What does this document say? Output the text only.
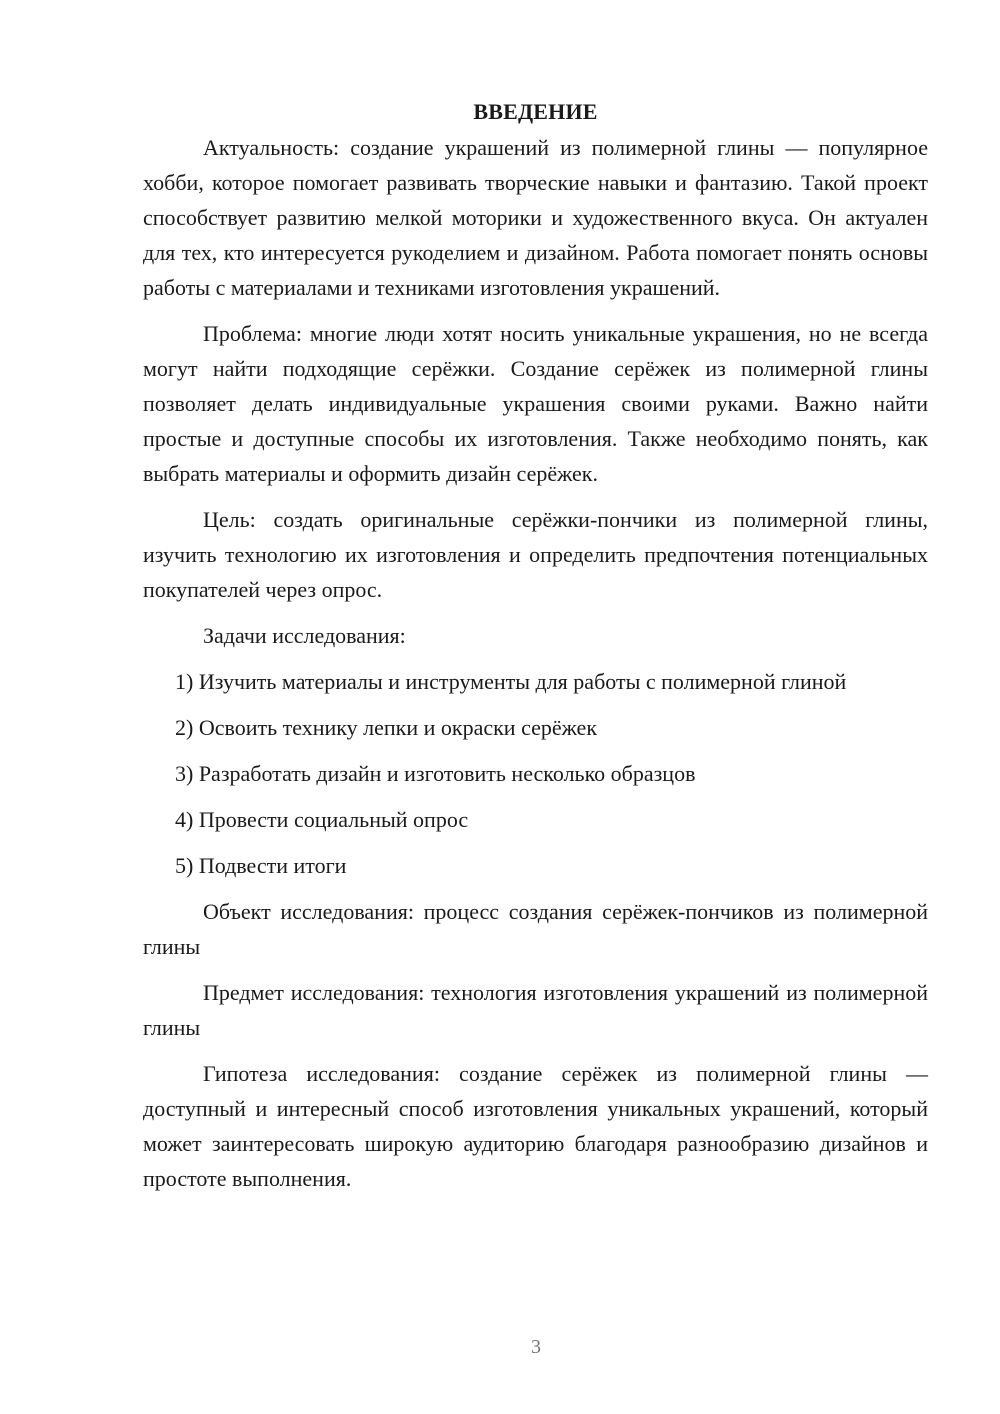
ВВЕДЕНИЕ

Актуальность: создание украшений из полимерной глины — популярное хобби, которое помогает развивать творческие навыки и фантазию. Такой проект способствует развитию мелкой моторики и художественного вкуса. Он актуален для тех, кто интересуется рукоделием и дизайном. Работа помогает понять основы работы с материалами и техниками изготовления украшений.

Проблема: многие люди хотят носить уникальные украшения, но не всегда могут найти подходящие серёжки. Создание серёжек из полимерной глины позволяет делать индивидуальные украшения своими руками. Важно найти простые и доступные способы их изготовления. Также необходимо понять, как выбрать материалы и оформить дизайн серёжек.

Цель: создать оригинальные серёжки-пончики из полимерной глины, изучить технологию их изготовления и определить предпочтения потенциальных покупателей через опрос.

Задачи исследования:

1) Изучить материалы и инструменты для работы с полимерной глиной

2) Освоить технику лепки и окраски серёжек

3) Разработать дизайн и изготовить несколько образцов

4) Провести социальный опрос

5) Подвести итоги

Объект исследования: процесс создания серёжек-пончиков из полимерной глины

Предмет исследования: технология изготовления украшений из полимерной глины

Гипотеза исследования: создание серёжек из полимерной глины — доступный и интересный способ изготовления уникальных украшений, который может заинтересовать широкую аудиторию благодаря разнообразию дизайнов и простоте выполнения.

3
